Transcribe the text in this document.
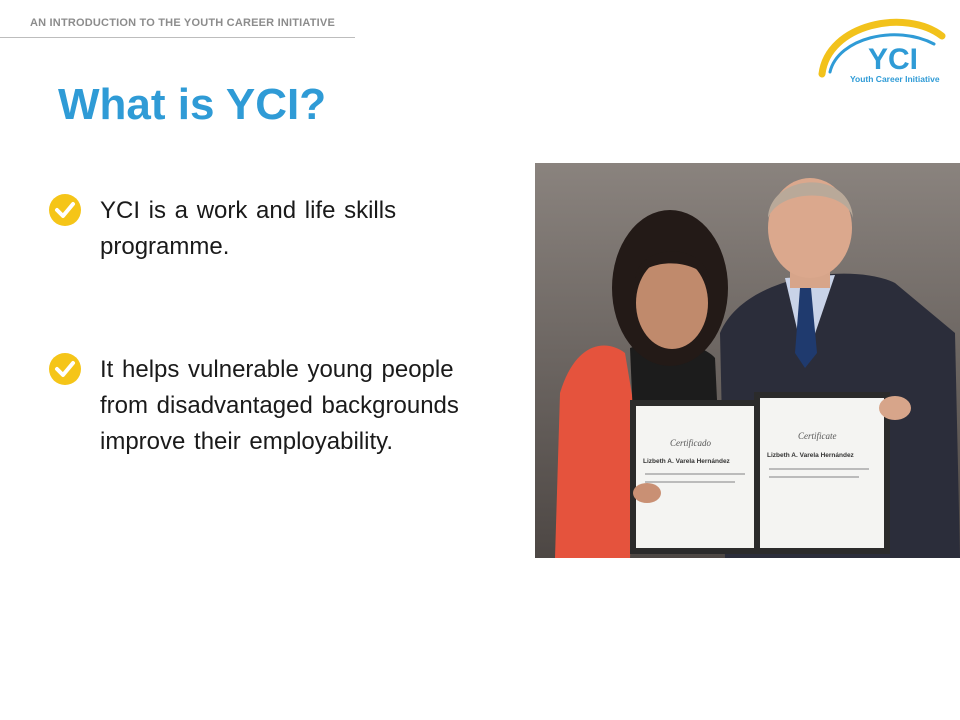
AN INTRODUCTION TO THE YOUTH CAREER INITIATIVE
YCI
Youth Career Initiative
What is YCI?
YCI is a work and life skills programme.
It helps vulnerable young people from disadvantaged backgrounds improve their employability.	Certificado
Lizbeth A. Varela Hernández
Certificate
Lizbeth A. Varela Hernández
